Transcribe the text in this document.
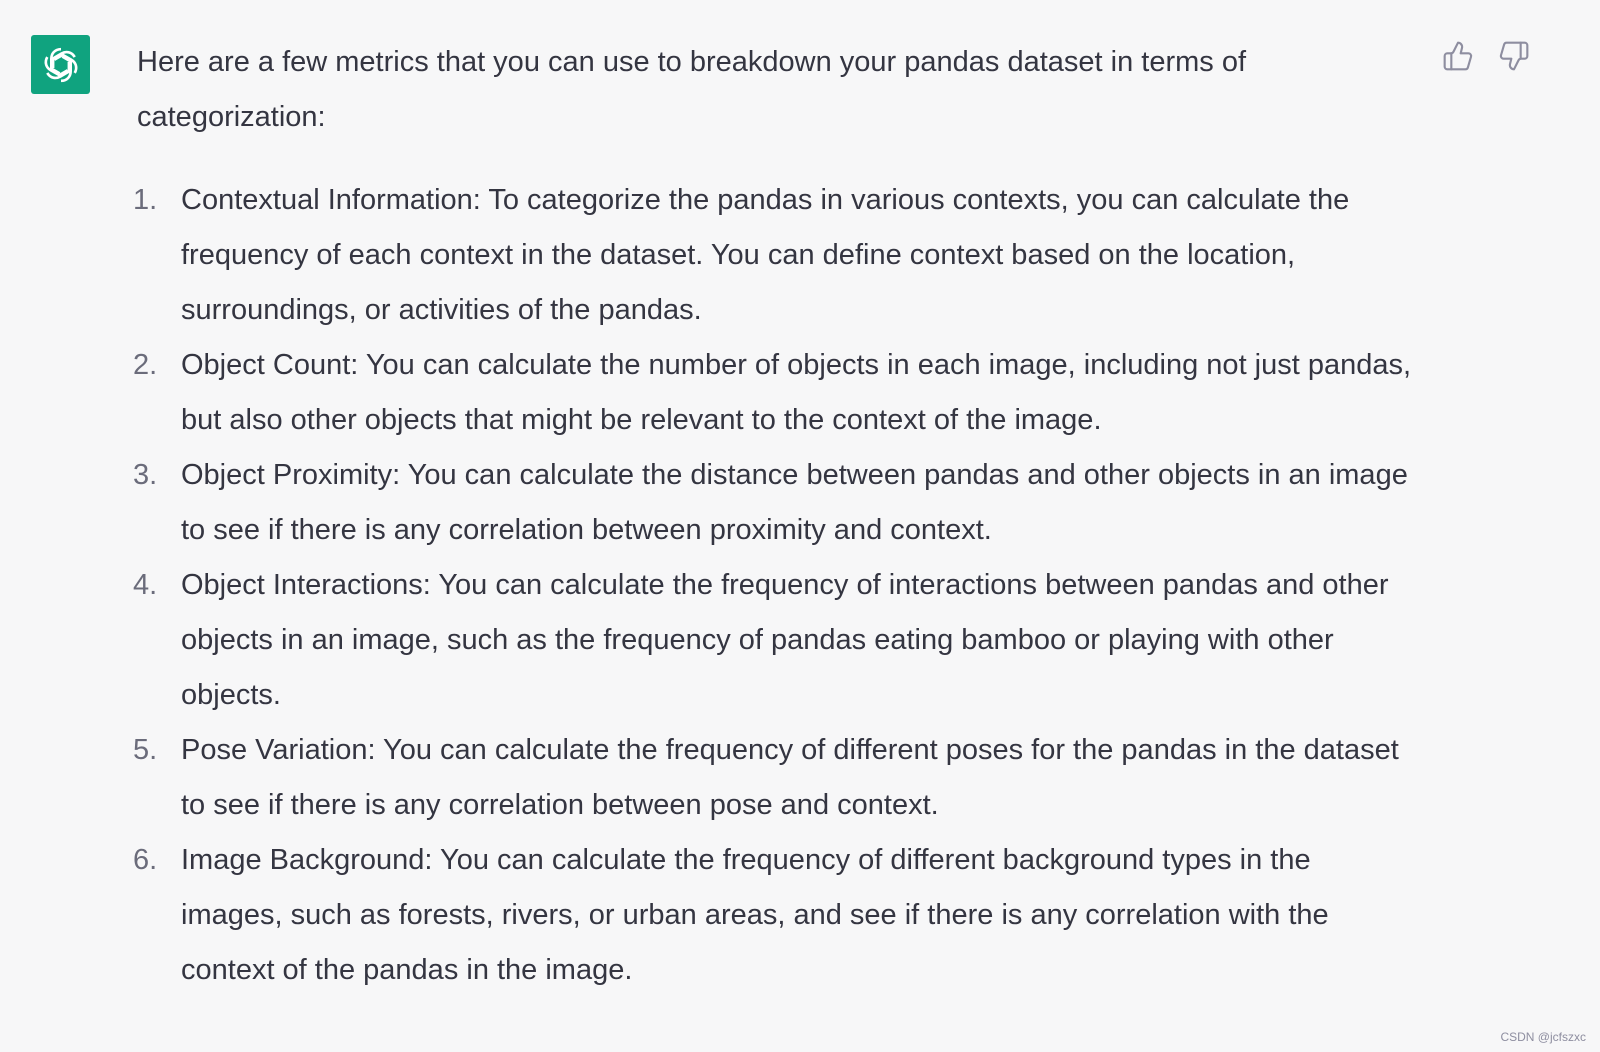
Here are a few metrics that you can use to breakdown your pandas dataset in terms of categorization:

1. Contextual Information: To categorize the pandas in various contexts, you can calculate the frequency of each context in the dataset. You can define context based on the location, surroundings, or activities of the pandas.
2. Object Count: You can calculate the number of objects in each image, including not just pandas, but also other objects that might be relevant to the context of the image.
3. Object Proximity: You can calculate the distance between pandas and other objects in an image to see if there is any correlation between proximity and context.
4. Object Interactions: You can calculate the frequency of interactions between pandas and other objects in an image, such as the frequency of pandas eating bamboo or playing with other objects.
5. Pose Variation: You can calculate the frequency of different poses for the pandas in the dataset to see if there is any correlation between pose and context.
6. Image Background: You can calculate the frequency of different background types in the images, such as forests, rivers, or urban areas, and see if there is any correlation with the context of the pandas in the image.
CSDN @jcfszxc
